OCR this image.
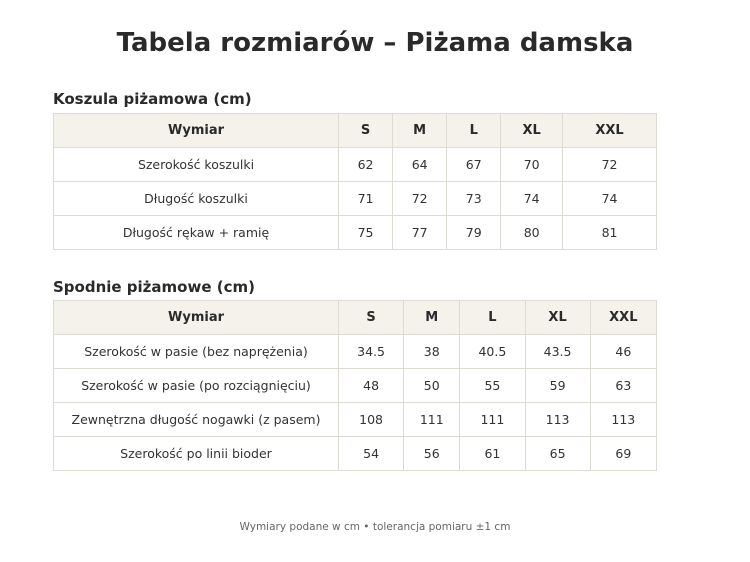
Tabela rozmiarów – Piżama damska
Koszula piżamowa (cm)
Wymiar	S	M	L	XL	XXL
Szerokość koszulki	62	64	67	70	72
Długość koszulki	71	72	73	74	74
Długość rękaw + ramię	75	77	79	80	81
Spodnie piżamowe (cm)
Wymiar	S	M	L	XL	XXL
Szerokość w pasie (bez naprężenia)	34.5	38	40.5	43.5	46
Szerokość w pasie (po rozciągnięciu)	48	50	55	59	63
Zewnętrzna długość nogawki (z pasem)	108	111	111	113	113
Szerokość po linii bioder	54	56	61	65	69
Wymiary podane w cm • tolerancja pomiaru ±1 cm
